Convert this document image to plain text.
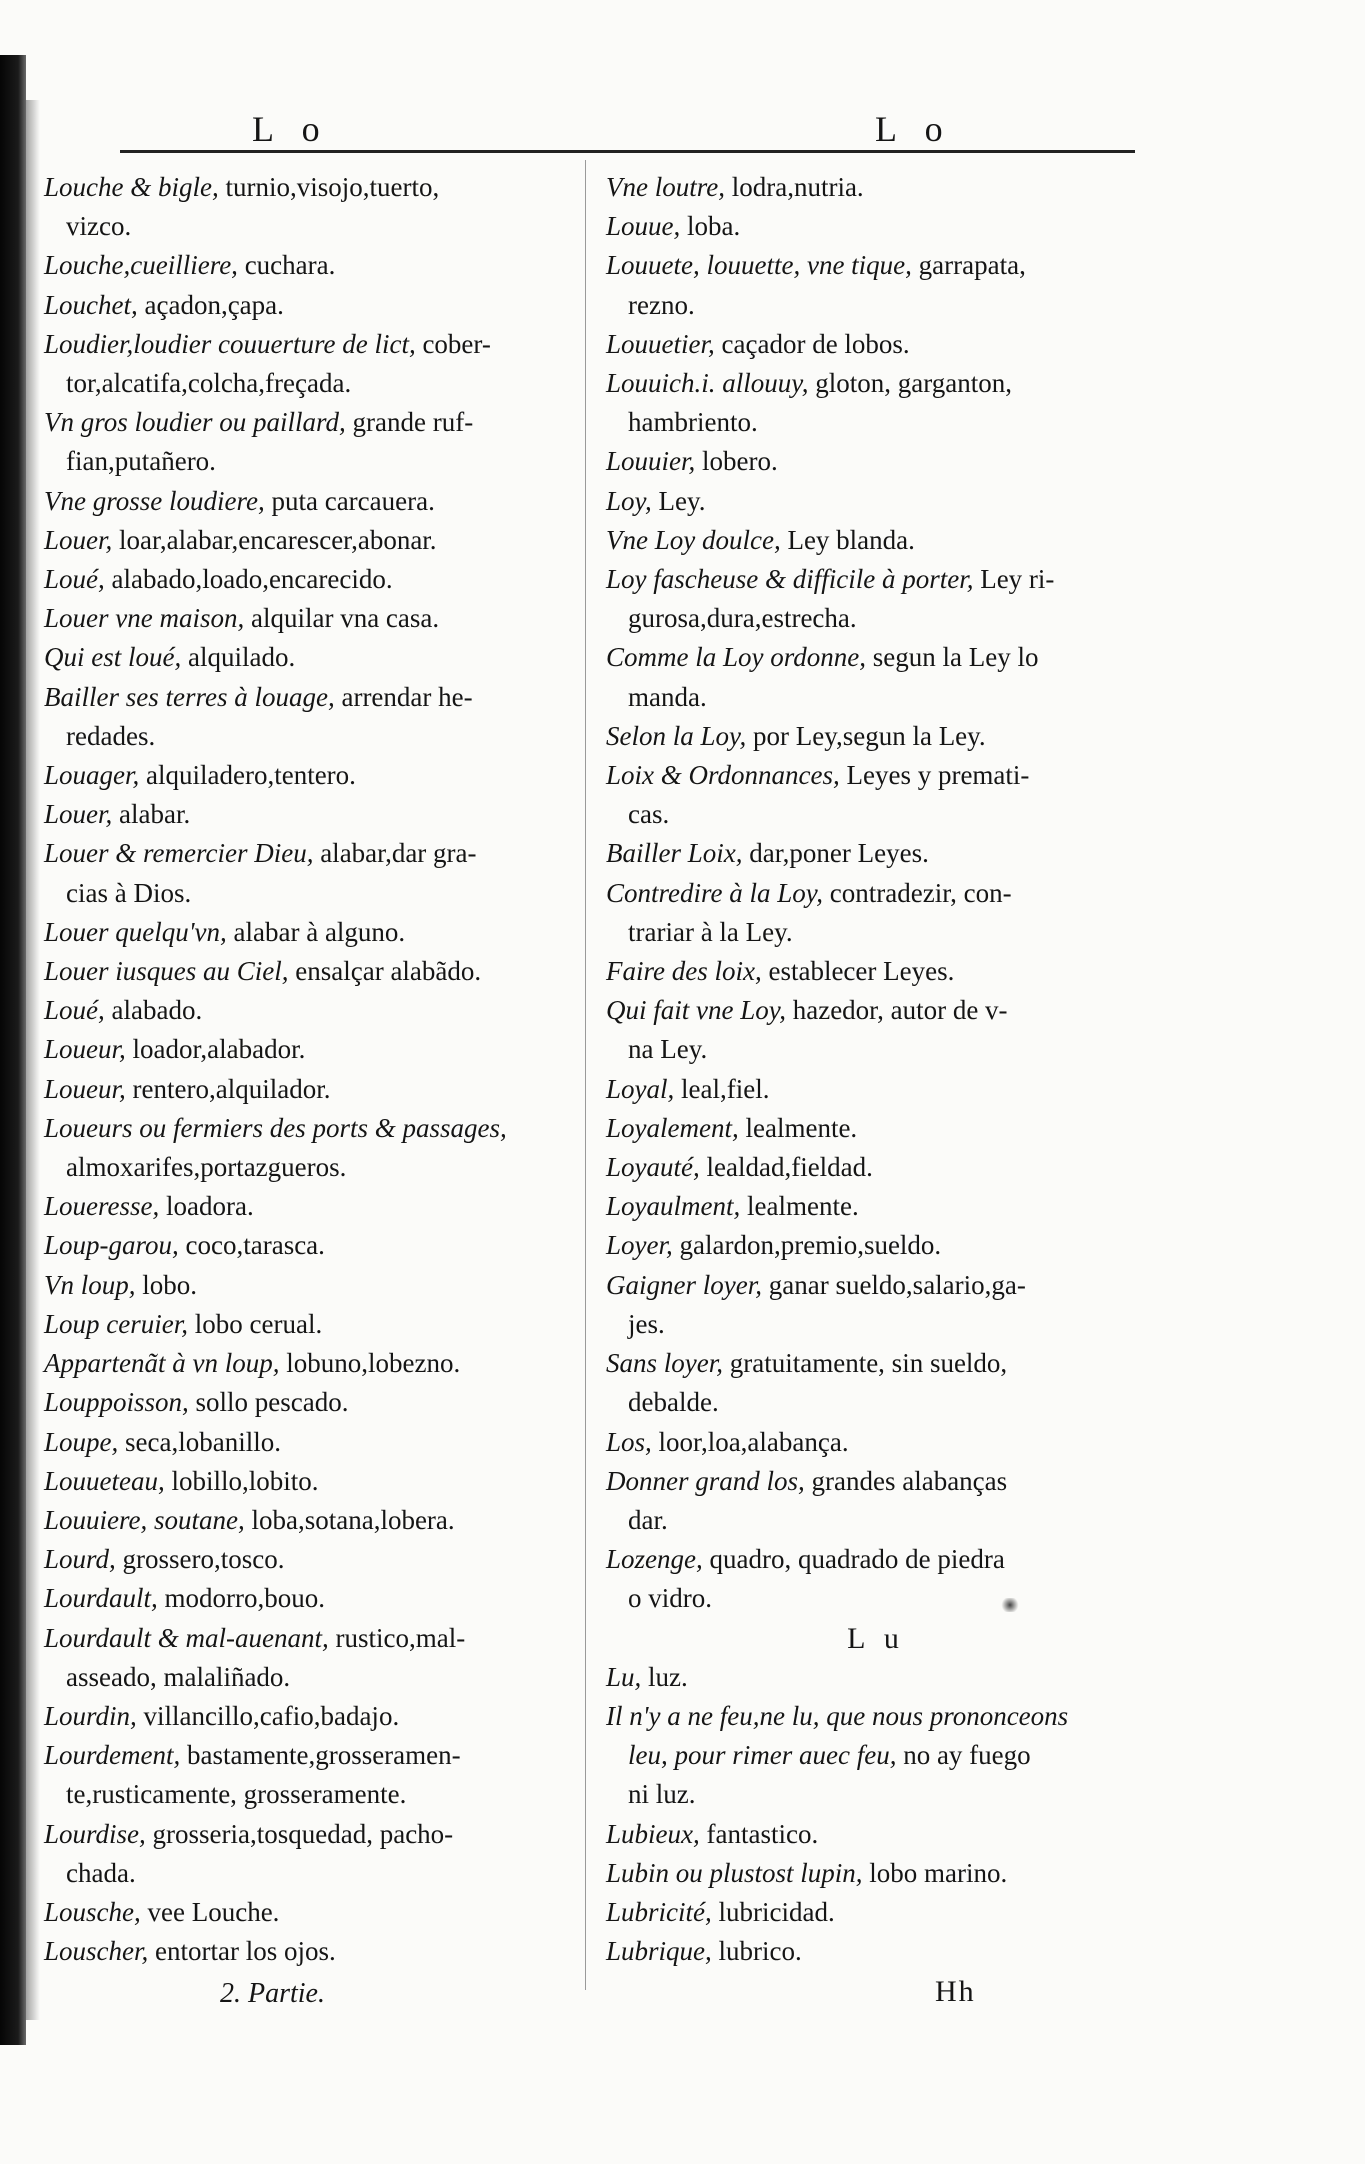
L o	L o

Louche & bigle, turnio,visojo,tuerto,
vizco.

Louche,cueilliere, cuchara.

Louchet, açadon,çapa.

Loudier,loudier couuerture de lict, cober-
tor,alcatifa,colcha,freçada.

Vn gros loudier ou paillard, grande ruf-
fian,putañero.

Vne grosse loudiere, puta carcauera.

Louer, loar,alabar,encarescer,abonar.

Loué, alabado,loado,encarecido.

Louer vne maison, alquilar vna casa.

Qui est loué, alquilado.

Bailler ses terres à louage, arrendar he-
redades.

Louager, alquiladero,tentero.

Louer, alabar.

Louer & remercier Dieu, alabar,dar gra-
cias à Dios.

Louer quelqu'vn, alabar à alguno.

Louer iusques au Ciel, ensalçar alabãdo.

Loué, alabado.

Loueur, loador,alabador.

Loueur, rentero,alquilador.

Loueurs ou fermiers des ports & passages,
almoxarifes,portazgueros.

Loueresse, loadora.

Loup-garou, coco,tarasca.

Vn loup, lobo.

Loup ceruier, lobo cerual.

Appartenãt à vn loup, lobuno,lobezno.

Louppoisson, sollo pescado.

Loupe, seca,lobanillo.

Louueteau, lobillo,lobito.

Louuiere, soutane, loba,sotana,lobera.

Lourd, grossero,tosco.

Lourdault, modorro,bouo.

Lourdault & mal-auenant, rustico,mal-
asseado, malaliñado.

Lourdin, villancillo,cafio,badajo.

Lourdement, bastamente,grosseramen-
te,rusticamente, grosseramente.

Lourdise, grosseria,tosquedad, pacho-
chada.

Lousche, vee Louche.

Louscher, entortar los ojos.

Vne loutre, lodra,nutria.

Louue, loba.

Louuete, louuette, vne tique, garrapata,
rezno.

Louuetier, caçador de lobos.

Louuich.i. allouuy, gloton, garganton,
hambriento.

Louuier, lobero.

Loy, Ley.

Vne Loy doulce, Ley blanda.

Loy fascheuse & difficile à porter, Ley ri-
gurosa,dura,estrecha.

Comme la Loy ordonne, segun la Ley lo
manda.

Selon la Loy, por Ley,segun la Ley.

Loix & Ordonnances, Leyes y premati-
cas.

Bailler Loix, dar,poner Leyes.

Contredire à la Loy, contradezir, con-
trariar à la Ley.

Faire des loix, establecer Leyes.

Qui fait vne Loy, hazedor, autor de v-
na Ley.

Loyal, leal,fiel.

Loyalement, lealmente.

Loyauté, lealdad,fieldad.

Loyaulment, lealmente.

Loyer, galardon,premio,sueldo.

Gaigner loyer, ganar sueldo,salario,ga-
jes.

Sans loyer, gratuitamente, sin sueldo,
debalde.

Los, loor,loa,alabança.

Donner grand los, grandes alabanças
dar.

Lozenge, quadro, quadrado de piedra
o vidro.

L u

Lu, luz.

Il n'y a ne feu,ne lu, que nous prononceons
leu, pour rimer auec feu, no ay fuego
ni luz.

Lubieux, fantastico.

Lubin ou plustost lupin, lobo marino.

Lubricité, lubricidad.

Lubrique, lubrico.

2. Partie.	Hh
